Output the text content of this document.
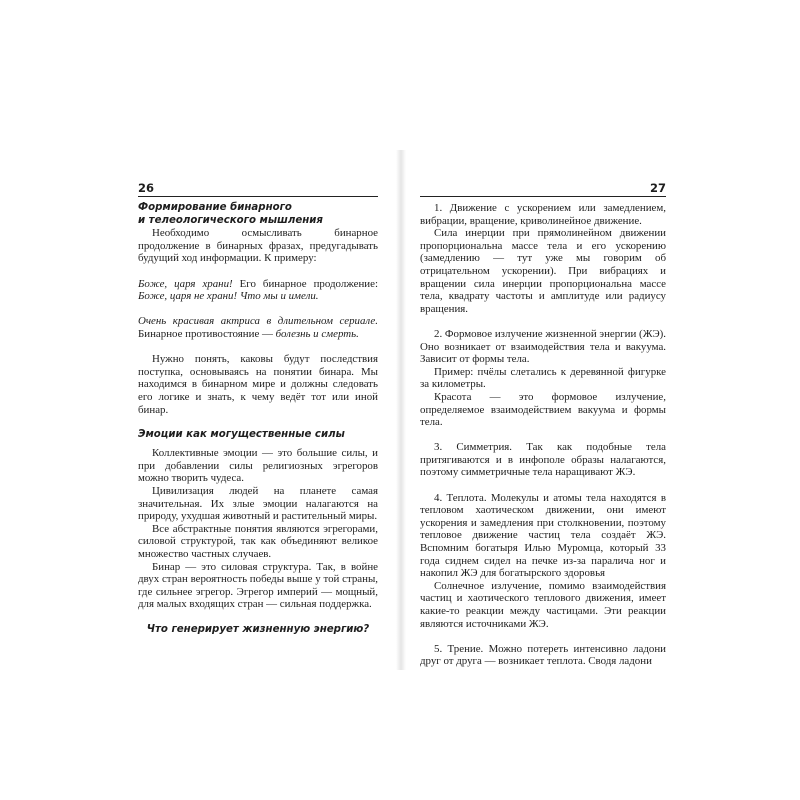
26
Формирование бинарного
и телеологического мышления

Необходимо осмысливать бинарное продолжение в бинарных фразах, предугадывать будущий ход информации. К примеру:

Боже, царя храни! Его бинарное продолжение: Боже, царя не храни! Что мы и имели.

Очень красивая актриса в длительном сериале. Бинарное противостояние — болезнь и смерть.

Нужно понять, каковы будут последствия поступка, основываясь на понятии бинара. Мы находимся в бинарном мире и должны следовать его логике и знать, к чему ведёт тот или иной бинар.

Эмоции как могущественные силы

Коллективные эмоции — это большие силы, и при добавлении силы религиозных эгрегоров можно творить чудеса.

Цивилизация людей на планете самая значительная. Их злые эмоции налагаются на природу, ухудшая животный и растительный миры.

Все абстрактные понятия являются эгрегорами, силовой структурой, так как объединяют великое множество частных случаев.

Бинар — это силовая структура. Так, в войне двух стран вероятность победы выше у той страны, где сильнее эгрегор. Эгрегор империй — мощный, для малых входящих стран — сильная поддержка.

Что генерирует жизненную энергию?
27

1. Движение с ускорением или замедлением, вибрации, вращение, криволинейное движение.

Сила инерции при прямолинейном движении пропорциональна массе тела и его ускорению (замедлению — тут уже мы говорим об отрицательном ускорении). При вибрациях и вращении сила инерции пропорциональна массе тела, квадрату частоты и амплитуде или радиусу вращения.

2. Формовое излучение жизненной энергии (ЖЭ). Оно возникает от взаимодействия тела и вакуума. Зависит от формы тела.

Пример: пчёлы слетались к деревянной фигурке за километры.

Красота — это формовое излучение, определяемое взаимодействием вакуума и формы тела.

3. Симметрия. Так как подобные тела притягиваются и в инфополе образы налагаются, поэтому симметричные тела наращивают ЖЭ.

4. Теплота. Молекулы и атомы тела находятся в тепловом хаотическом движении, они имеют ускорения и замедления при столкновении, поэтому тепловое движение частиц тела создаёт ЖЭ. Вспомним богатыря Илью Муромца, который 33 года сиднем сидел на печке из-за паралича ног и накопил ЖЭ для богатырского здоровья

Солнечное излучение, помимо взаимодействия частиц и хаотического теплового движения, имеет какие-то реакции между частицами. Эти реакции являются источниками ЖЭ.

5. Трение. Можно потереть интенсивно ладони друг от друга — возникает теплота. Сводя ладони
